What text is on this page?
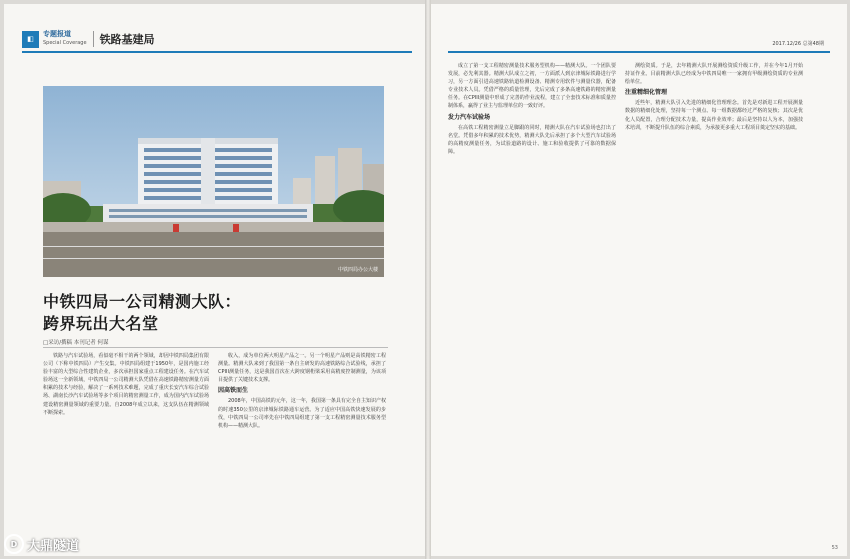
◧
专题报道
Special Coverage 铁路基建局	2017.12/26 总第48期
中铁四局办公大楼
中铁四局一公司精测大队：
跨界玩出大名堂
□采访/撰稿 本刊记者 何谋

铁路与汽车试验场，看似毫不相干的两个领域，却因中铁四局集团有限公司（下称中铁四局）产生交集。中铁四局组建于1950年，是国内施工经验丰富的大型综合性建筑企业，多次承担国家重点工程建设任务。在汽车试验场这一全新领域，中铁四局一公司精测大队凭借在高速铁路精密测量方面积累的技术与经验，解决了一系列技术难题，完成了重庆长安汽车综合试验场、湖南长沙汽车试验场等多个项目的精密测量工作，成为国内汽车试验场建设精密测量领域的重要力量。自2008年成立以来，这支队伍在精测领域不断探索。

收入，成为单位两大明星产品之一。另一个明星产品则是高铁精密工程测量。精测大队来到了我国第一条自主研发的高速铁路综合试验线，承担了CPIII测量任务，这是我国首次在大跨度钢桁梁采用高精度控制测量，为该项目提供了关键技术支撑。

因高铁而生

2008年，中国高铁的元年，这一年，我国第一条具有完全自主知识产权的时速350公里的京津城际铁路通车运营。为了适应中国高铁快速发展的步伐，中铁四局一公司率先在中铁四局组建了第一支工程精密测量技术服务型机构——精测大队。

成立了第一支工程精密测量技术服务型机构——精测大队。一个团队要发展，必先利其器。精测大队成立之初，一方面派人到京津城际铁路进行学习，另一方面引进高速铁路轨道检测设备、精测专用软件与测量仪器，配备专业技术人员。凭借严格的质量管理，先后完成了多条高速铁路的精密测量任务。在CPIII测量中形成了完善的作业流程，建立了全套技术标准和质量控制体系，赢得了业主与监理单位的一致好评。

发力汽车试验场

在高铁工程精密测量立足脚跟的同时，精测大队在汽车试验场也打出了名堂。凭借多年积累的技术优势，精测大队先后承担了多个大型汽车试验场的高精度测量任务，为试验道路的设计、施工和验收提供了可靠的数据保障。

测绘资质。于是，去年精测大队开展测绘资质升级工作，并在今年1月开始持证作业。目前精测大队已经成为中铁四局唯一一家拥有甲级测绘资质的专业测绘单位。

注重精细化管理

近些年，精测大队引入先进的精细化管理理念。首先是对新进工程开展测量数据的精细化处理，坚持每一个测点、每一组数据都经过严格的复核；其次是优化人员配置，合理分配技术力量，提高作业效率；最后是坚持以人为本，加强技术培训，不断提升队伍的综合素质，为承接更多重大工程项目奠定坚实的基础。

53
D 大鼎隧道
